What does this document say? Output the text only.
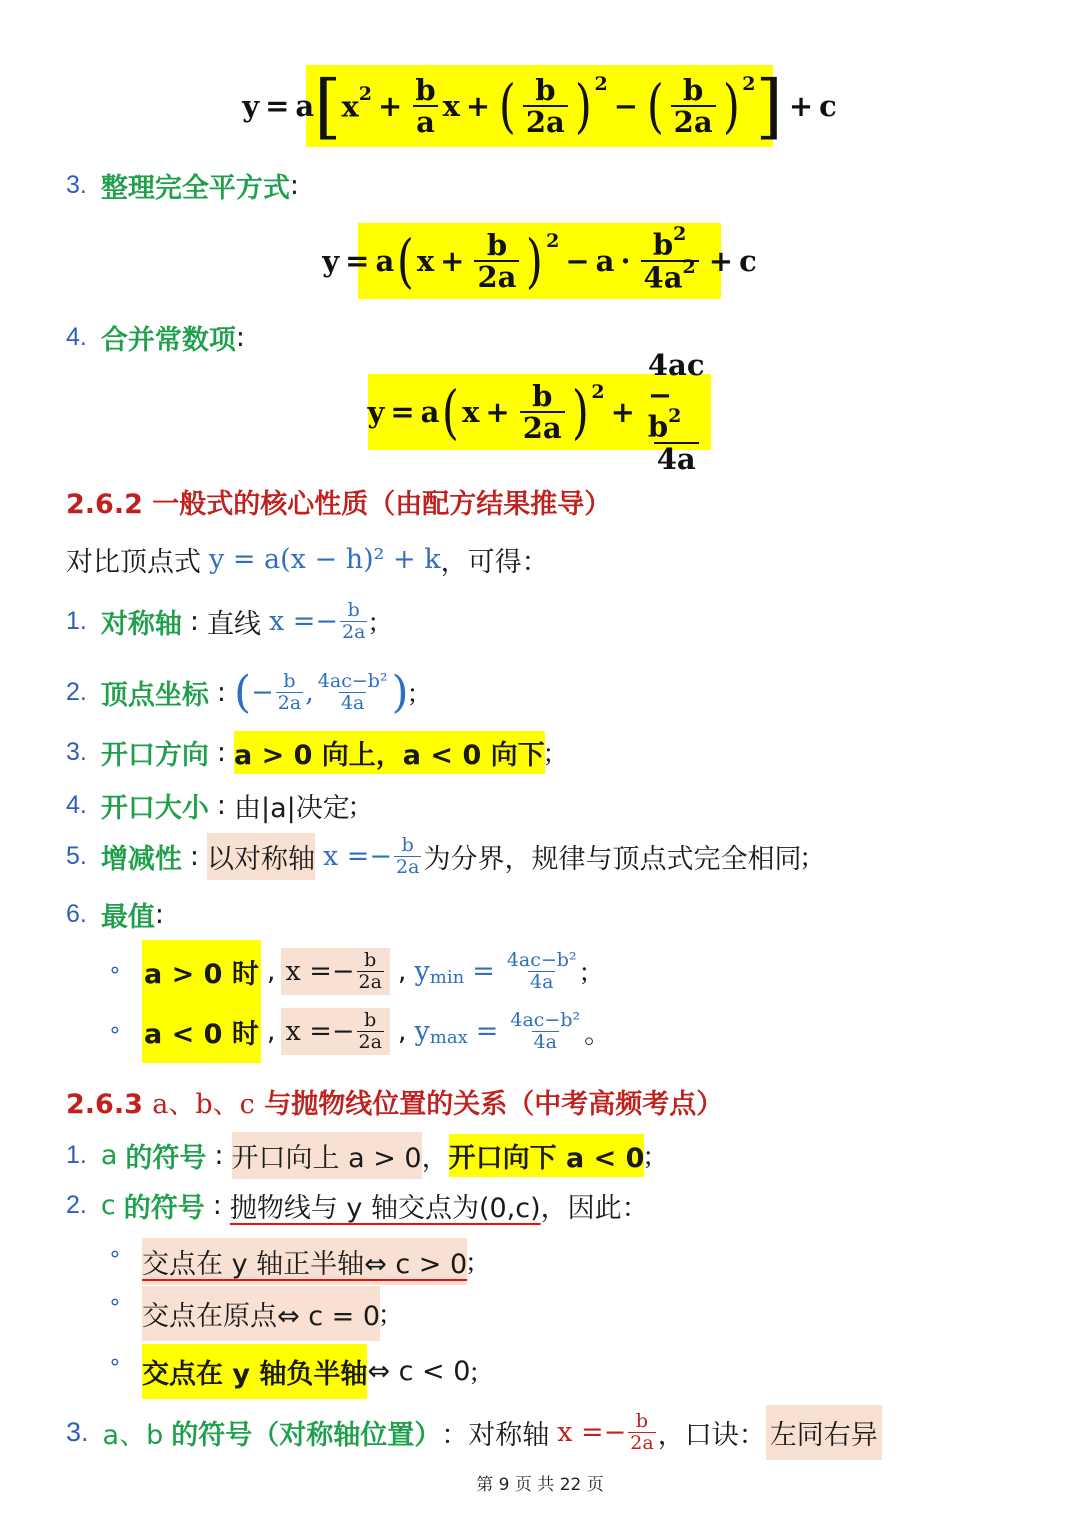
y = a [ $x^2 + \frac{b}{a}$ x + ( $\frac{b}{2a}$ ) 2
− ( $\frac{b}{2a}$ ) 2 ] + c
3. 整理完全平方式 :
y = a ( $x + \frac{b}{2a}$ ) 2
− $a \cdot \frac{b^2}{4a^2} + c$
4. 合并常数项 :
y = a ( $x + \frac{b}{2a}$ ) 2
+ $\frac{4ac - b^2}{4a}$
2.6.2 一般式的核心性质（由配方结果推导）
对比顶点式 y = a(x − h)² + k ，可得：
1. 对称轴 : 直线 $x =- \frac{b}{2a}$ ;
2. 顶点坐标 : ( − $\frac{b}{2a}$ , 4ac−b²
4a ) ;
3. 开口方向 : a > 0 向上，a < 0 向下 ;
4. 开口大小 : 由|a|决定 ;
5. 增减性 : 以对称轴 $x =- \frac{b}{2a}$ 为分界，规律与顶点式完全相同 ;
6. 最值 :
∘ a > 0 时 , $x =- \frac{b}{2a}$ , y $\min = \frac{\text{4ac−b²}}{4a}$ ;
∘ a < 0 时 , $x =- \frac{b}{2a}$ , y $\max = \frac{\text{4ac−b²}}{4a}$ 。
2.6.3 a、b、c 与抛物线位置的关系（中考高频考点）
1. a 的符号 : 开口向上 a > 0 ， 开口向下 a < 0 ;
2. c 的符号 : 抛物线与 y 轴交点为(0,c) ，因此：
∘ 交点在 y 轴正半轴⇔ c > 0 ;
∘ 交点在原点⇔ c = 0 ;
∘ 交点在 y 轴负半轴 ⇔ c < 0 ;
3. a、b 的符号（对称轴位置） ：对称轴 $x =- \frac{b}{2a}$ ，口诀： 左同右异
第 9 页 共 22 页
